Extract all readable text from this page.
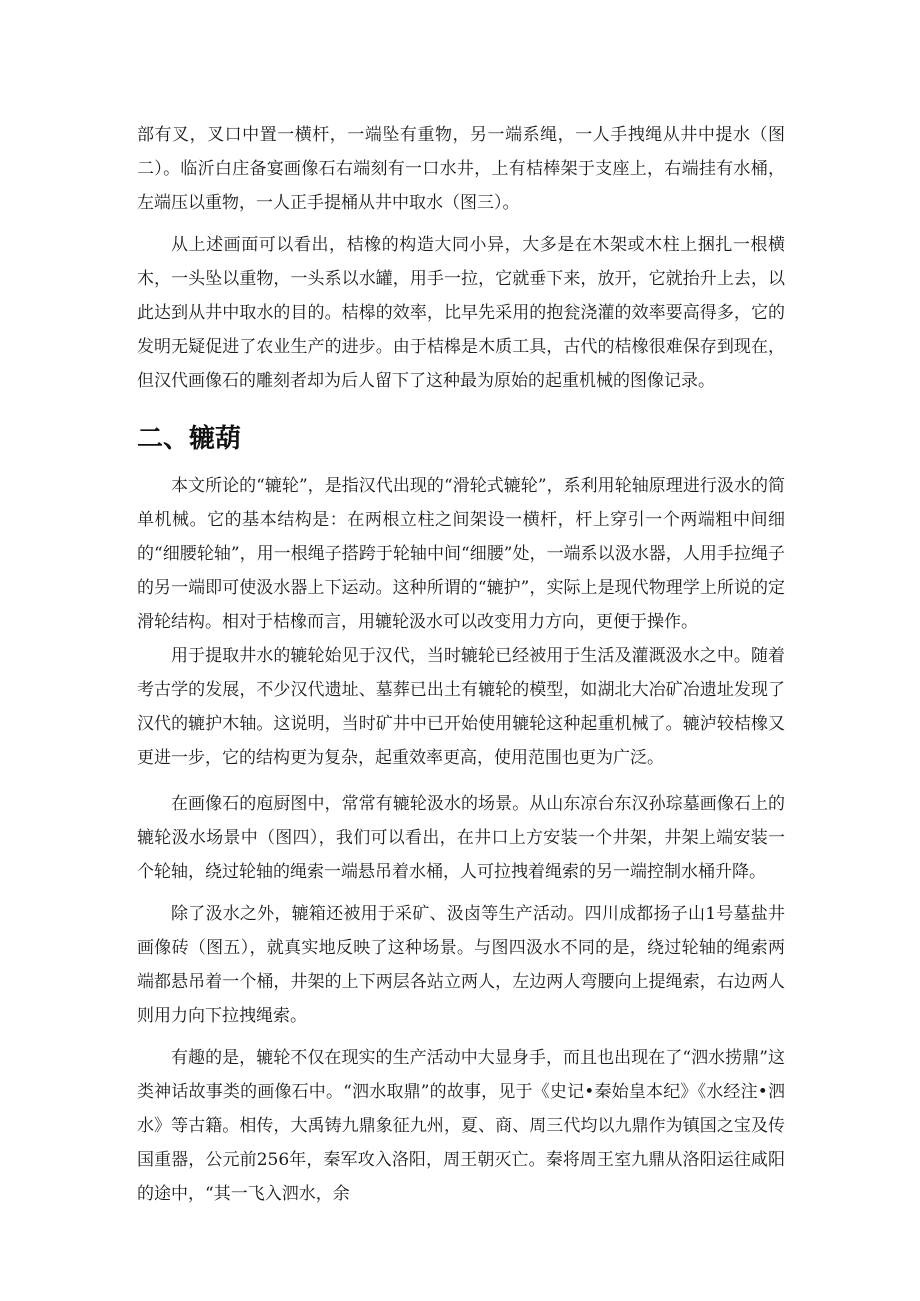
部有叉，叉口中置一横杆，一端坠有重物，另一端系绳，一人手拽绳从井中提水（图二）。临沂白庄备宴画像石右端刻有一口水井，上有桔棒架于支座上，右端挂有水桶，左端压以重物，一人正手提桶从井中取水（图三）。

从上述画面可以看出，桔橡的构造大同小异，大多是在木架或木柱上捆扎一根横木，一头坠以重物，一头系以水罐，用手一拉，它就垂下来，放开，它就抬升上去，以此达到从井中取水的目的。桔槔的效率，比早先采用的抱瓮浇灌的效率要高得多，它的发明无疑促进了农业生产的进步。由于桔槔是木质工具，古代的桔橡很难保存到现在，但汉代画像石的雕刻者却为后人留下了这种最为原始的起重机械的图像记录。

二、辘葫

本文所论的“辘轮”，是指汉代出现的“滑轮式辘轮”，系利用轮轴原理进行汲水的简单机械。它的基本结构是：在两根立柱之间架设一横杆，杆上穿引一个两端粗中间细的“细腰轮轴”，用一根绳子搭跨于轮轴中间“细腰”处，一端系以汲水器，人用手拉绳子的另一端即可使汲水器上下运动。这种所谓的“辘护”，实际上是现代物理学上所说的定滑轮结构。相对于桔橡而言，用辘轮汲水可以改变用力方向，更便于操作。

用于提取井水的辘轮始见于汉代，当时辘轮已经被用于生活及灌溉汲水之中。随着考古学的发展，不少汉代遗址、墓葬已出土有辘轮的模型，如湖北大冶矿冶遗址发现了汉代的辘护木轴。这说明，当时矿井中已开始使用辘轮这种起重机械了。辘泸较桔橡又更进一步，它的结构更为复杂，起重效率更高，使用范围也更为广泛。

在画像石的庖厨图中，常常有辘轮汲水的场景。从山东凉台东汉孙琮墓画像石上的辘轮汲水场景中（图四），我们可以看出，在井口上方安装一个井架，井架上端安装一个轮轴，绕过轮轴的绳索一端悬吊着水桶，人可拉拽着绳索的另一端控制水桶升降。

除了汲水之外，辘箱还被用于采矿、汲卤等生产活动。四川成都扬子山1号墓盐井画像砖（图五），就真实地反映了这种场景。与图四汲水不同的是，绕过轮轴的绳索两端都悬吊着一个桶，井架的上下两层各站立两人，左边两人弯腰向上提绳索，右边两人则用力向下拉拽绳索。

有趣的是，辘轮不仅在现实的生产活动中大显身手，而且也出现在了“泗水捞鼎”这类神话故事类的画像石中。“泗水取鼎”的故事，见于《史记•秦始皇本纪》《水经注•泗水》等古籍。相传，大禹铸九鼎象征九州，夏、商、周三代均以九鼎作为镇国之宝及传国重器，公元前256年，秦军攻入洛阳，周王朝灭亡。秦将周王室九鼎从洛阳运往咸阳的途中，“其一飞入泗水，余
